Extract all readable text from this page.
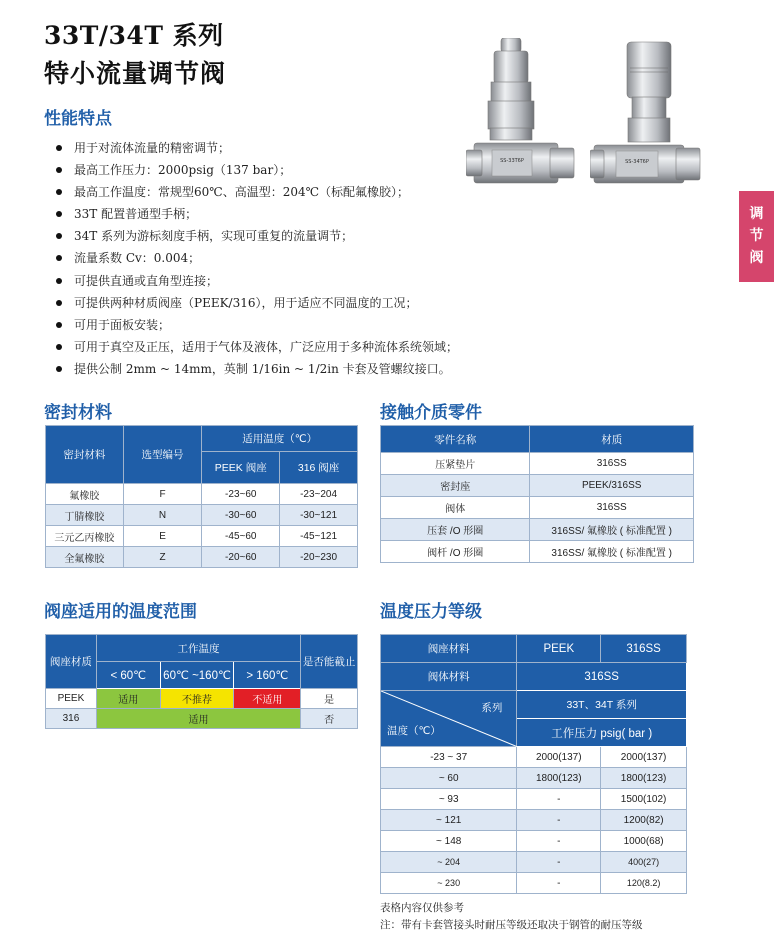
33T/34T 系列
特小流量调节阀
调
节
阀
性能特点
用于对流体流量的精密调节；
最高工作压力：2000psig（137 bar）；
最高工作温度：常规型60℃、高温型：204℃（标配氟橡胶）；
33T 配置普通型手柄；
34T 系列为游标刻度手柄，实现可重复的流量调节；
流量系数 Cv：0.004；
可提供直通或直角型连接；
可提供两种材质阀座（PEEK/316），用于适应不同温度的工况；
可用于面板安装；
可用于真空及正压，适用于气体及液体，广泛应用于多种流体系统领域；
提供公制 2mm ~ 14mm，英制 1/16in ~ 1/2in 卡套及管螺纹接口。
SS-33T6P	SS-34T6P
密封材料
密封材料	选型编号	适用温度（℃）	
		PEEK 阀座	316 阀座
氟橡胶	F	-23~60	-23~204
丁腈橡胶	N	-30~60	-30~121
三元乙丙橡胶	E	-45~60	-45~121
全氟橡胶	Z	-20~60	-20~230
接触介质零件
零件名称	材质
压紧垫片	316SS
密封座	PEEK/316SS
阀体	316SS
压套 /O 形圈	316SS/ 氟橡胶 ( 标准配置 )
阀杆 /O 形圈	316SS/ 氟橡胶 ( 标准配置 )
阀座适用的温度范围
阀座材质	工作温度			是否能截止
	< 60℃	60℃ ~160℃	> 160℃	
PEEK	适用	不推荐	不适用	是
316	适用			否
温度压力等级
阀座材料	PEEK	316SS
阀体材料	316SS	

系列
温度（℃）	33T、34T 系列	
	工作压力 psig( bar )	
-23 ~ 37	2000(137)	2000(137)
~ 60	1800(123)	1800(123)
~ 93	-	1500(102)
~ 121	-	1200(82)
~ 148	-	1000(68)
~ 204	-	400(27)
~ 230	-	120(8.2)
表格内容仅供参考
注：带有卡套管接头时耐压等级还取决于钢管的耐压等级
